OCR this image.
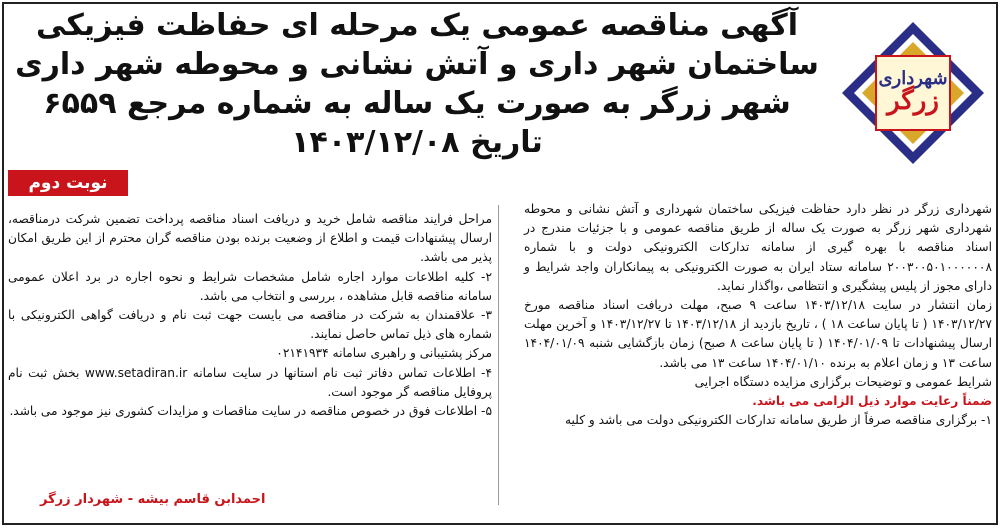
شهرداری
زرگر
آگهی مناقصه عمومی یک مرحله ای حفاظت فیزیکی ساختمان شهر داری و آتش نشانی و محوطه شهر داری شهر زرگر به صورت یک ساله به شماره مرجع ۶۵۵۹ تاریخ ۱۴۰۳/۱۲/۰۸
نوبت دوم

شهرداری زرگر در نظر دارد حفاظت فیزیکی ساختمان شهرداری و آتش نشانی و محوطه شهرداری شهر زرگر به صورت یک ساله از طریق مناقصه عمومی و با جزئیات مندرج در اسناد مناقصه با بهره گیری از سامانه تدارکات الکترونیکی دولت و با شماره ۲۰۰۳۰۰۵۰۱۰۰۰۰۰۰۸ سامانه ستاد ایران به صورت الکترونیکی به پیمانکاران واجد شرایط و دارای مجوز از پلیس پیشگیری و انتظامی ،واگذار نماید.

زمان انتشار در سایت ۱۴۰۳/۱۲/۱۸ ساعت ۹ صبح، مهلت دریافت اسناد مناقصه مورخ ۱۴۰۳/۱۲/۲۷ ( تا پایان ساعت ۱۸ ) ، تاریخ بازدید از ۱۴۰۳/۱۲/۱۸ تا ۱۴۰۳/۱۲/۲۷ و آخرین مهلت ارسال پیشنهادات تا ۱۴۰۴/۰۱/۰۹ ( تا پایان ساعت ۸ صبح) زمان بازگشایی شنبه ۱۴۰۴/۰۱/۰۹ ساعت ۱۳ و زمان اعلام به برنده ۱۴۰۴/۰۱/۱۰ ساعت ۱۳ می باشد.

شرایط عمومی و توضیحات برگزاری مزایده دستگاه اجرایی

ضمناً رعایت موارد ذیل الزامی می باشد.

۱- برگزاری مناقصه صرفاً از طریق سامانه تدارکات الکترونیکی دولت می باشد و کلیه

مراحل فرایند مناقصه شامل خرید و دریافت اسناد مناقصه پرداخت تضمین شرکت درمناقصه، ارسال پیشنهادات قیمت و اطلاع از وضعیت برنده بودن مناقصه گران محترم از این طریق امکان پذیر می باشد.

۲- کلیه اطلاعات موارد اجاره شامل مشخصات شرایط و نحوه اجاره در برد اعلان عمومی سامانه مناقصه قابل مشاهده ، بررسی و انتخاب می باشد.

۳- علاقمندان به شرکت در مناقصه می بایست جهت ثبت نام و دریافت گواهی الکترونیکی با شماره های ذیل تماس حاصل نمایند.

مرکز پشتیبانی و راهبری سامانه ۰۲۱۴۱۹۳۴

۴- اطلاعات تماس دفاتر ثبت نام استانها در سایت سامانه www.setadiran.ir بخش ثبت نام پروفایل مناقصه گر موجود است.

۵- اطلاعات فوق در خصوص مناقصه در سایت مناقصات و مزایدات کشوری نیز موجود می باشد.

احمدابن قاسم بیشه - شهردار زرگر
